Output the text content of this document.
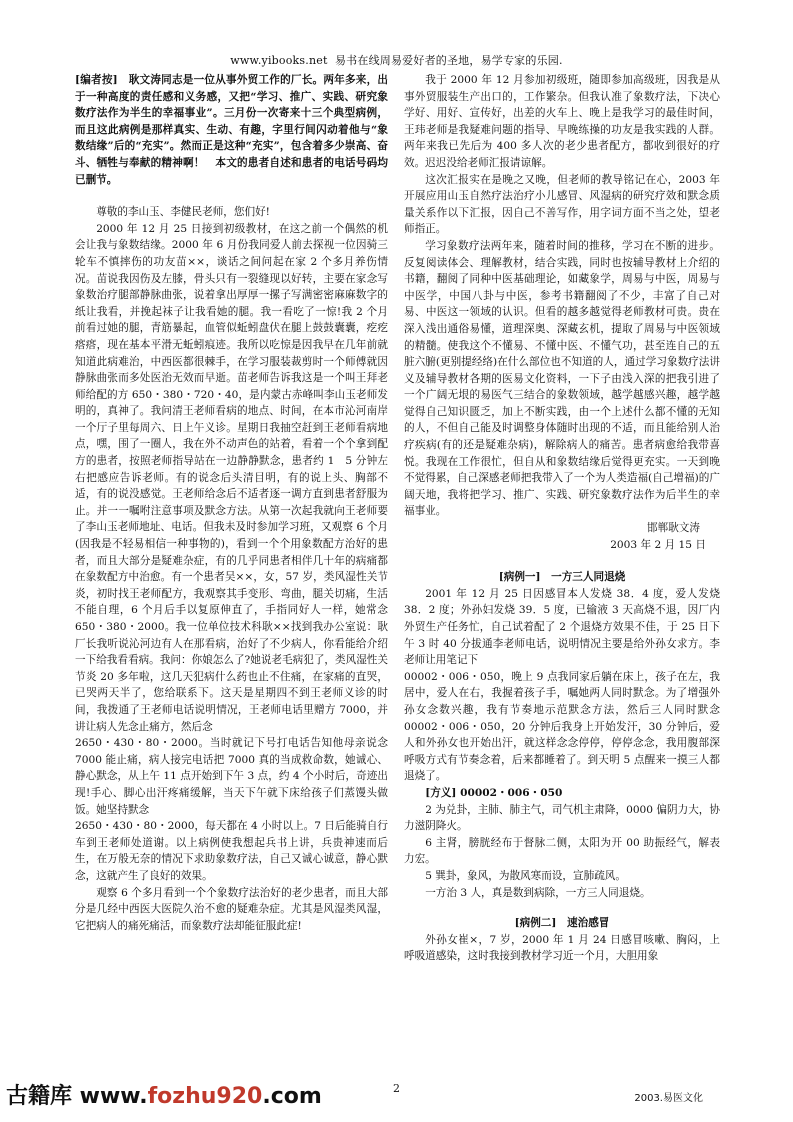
www.yibooks.net 易书在线周易爱好者的圣地，易学专家的乐园.

[编者按]　耿文涛同志是一位从事外贸工作的厂长。两年多来，出于一种高度的责任感和义务感，又把“学习、推广、实践、研究象数疗法作为半生的幸福事业”。三月份一次寄来十三个典型病例，而且这此病例是那样真实、生动、有趣，字里行间闪动着他与“象数结缘”后的“充实”。然而正是这种“充实”，包含着多少崇高、奋斗、牺牲与奉献的精神啊！　本文的患者自述和患者的电话号码均已删节。

尊敬的李山玉、李健民老师，您们好!

2000 年 12 月 25 日接到初级教材，在这之前一个偶然的机会让我与象数结缘。2000 年 6 月份我同爱人前去探视一位因骑三轮车不慎摔伤的功友苗××，谈话之间问起在家 2 个多月养伤情况。苗说我因伤及左膝，骨头只有一裂缝现以好转，主要在家念写象数治疗腿部静脉曲张，说着拿出厚厚一摞子写满密密麻麻数字的纸让我看，并挽起袜子让我看她的腿。我一看吃了一惊!我 2 个月前看过她的腿，青筋暴起，血管似蚯蚓盘伏在腿上鼓鼓囊囊，疙疙瘩瘩，现在基本平滑无蚯蚓痕迹。我所以吃惊是因我早在几年前就知道此病难治，中西医都很棘手，在学习服装裁剪时一个师傅就因静脉曲张而多处医治无效而早逝。苗老师告诉我这是一个叫王拜老师给配的方 650・380・720・40，是内蒙古赤峰叫李山玉老师发明的，真神了。我问清王老师看病的地点、时间，在本市沁河南岸一个厅子里每周六、日上午义诊。星期日我抽空赶到王老师看病地点，嘿，围了一圈人，我在外不动声色的站着，看着一个个拿到配方的患者，按照老师指导站在一边静静默念，患者约 1　5 分钟左右把感应告诉老师。有的说念后头清目明，有的说上头、胸部不适，有的说没感觉。王老师给念后不适者逐一调方直到患者舒服为止。并一一嘱咐注意事项及默念方法。从第一次起我就向王老师要了李山玉老师地址、电话。但我未及时参加学习班，又观察 6 个月(因我是不轻易相信一种事物的)，看到一个个用象数配方治好的患者，而且大部分是疑难杂症，有的几乎同患者相伴几十年的病痛都在象数配方中治愈。有一个患者吴××，女，57 岁，类风湿性关节炎，初时找王老师配方，我观察其手变形、弯曲，腿关切痛，生活不能自理，6 个月后手以复原伸直了，手指同好人一样，她常念 650・380・2000。我一位单位技术科耿××找到我办公室说：耿厂长我听说沁河边有人在那看病，治好了不少病人，你看能给介绍一下给我看看病。我问：你娘怎么了?她说老毛病犯了，类风湿性关节炎 20 多年啦，这几天犯病什么药也止不住痛，在家痛的直哭，已哭两天半了，您给联系下。这天是星期四不到王老师义诊的时间，我拨通了王老师电话说明情况，王老师电话里赠方 7000，并讲让病人先念止痛方，然后念

2650・430・80・2000。当时就记下号打电话告知他母亲说念 7000 能止痛，病人接完电话把 7000 真的当成救命数，她诚心、静心默念，从上午 11 点开始到下午 3 点，约 4 个小时后，奇迹出现!手心、脚心出汗疼痛缓解，当天下午就下床给孩子们蒸馒头做饭。她坚持默念

2650・430・80・2000，每天都在 4 小时以上。7 日后能骑自行车到王老师处道谢。以上病例使我想起兵书上讲，兵贵神速而后生，在万般无奈的情况下求助象数疗法，自己又诚心诚意，静心默念，这就产生了良好的效果。

观察 6 个多月看到一个个象数疗法治好的老少患者，而且大部分是几经中西医大医院久治不愈的疑难杂症。尤其是风湿类风湿，它把病人的痛死痛活，而象数疗法却能征服此症!

我于 2000 年 12 月参加初级班，随即参加高级班，因我是从事外贸服装生产出口的，工作繁杂。但我认准了象数疗法，下决心学好、用好、宣传好，出差的火车上、晚上是我学习的最佳时间，王玮老师是我疑难问题的指导、早晚练操的功友是我实践的人群。两年来我已先后为 400 多人次的老少患者配方，都收到很好的疗效。迟迟没给老师汇报请谅解。

这次汇报实在是晚之又晚，但老师的教导铭记在心，2003 年开展应用山玉自然疗法治疗小儿感冒、风湿病的研究疗效和默念质量关系作以下汇报，因自己不善写作，用字词方面不当之处，望老师指正。

学习象数疗法两年来，随着时间的推移，学习在不断的进步。反复阅读体会、理解教材，结合实践，同时也按辅导教材上介绍的书籍，翻阅了同种中医基础理论，如藏象学，周易与中医，周易与中医学，中国八卦与中医，参考书籍翻阅了不少，丰富了自己对易、中医这一领域的认识。但看的越多越觉得老师教材可贵。贵在深入浅出通俗易懂，道理深奥、深藏玄机，提取了周易与中医领域的精髓。使我这个不懂易、不懂中医、不懂气功，甚至连自己的五脏六腑(更别提经络)在什么部位也不知道的人，通过学习象数疗法讲义及辅导教材各期的医易文化资料，一下子由浅入深的把我引进了一个广阔无垠的易医气三结合的象数领域，越学越感兴趣，越学越觉得自己知识匮乏，加上不断实践，由一个上述什么都不懂的无知的人，不但自己能及时调整身体随时出现的不适，而且能给别人治疗疾病(有的还是疑难杂病)，解除病人的痛苦。患者病愈给我带喜悦。我现在工作很忙，但自从和象数结缘后觉得更充实。一天到晚不觉得累，自己深感老师把我带入了一个为人类造福(自己增福)的广阔天地，我将把学习、推广、实践、研究象数疗法作为后半生的幸福事业。

邯郸耿文涛

2003 年 2 月 15 日

[病例一]　一方三人同退烧

2001 年 12 月 25 日因感冒本人发烧 38．4 度，爱人发烧 38．2 度；外孙妇发烧 39．5 度，已输液 3 天高烧不退，因厂内外贸生产任务忙，自己试着配了 2 个退烧方效果不佳，于 25 日下午 3 时 40 分拔通李老师电话，说明情况主要是给外孙女求方。李老师让用笔记下

00002・006・050，晚上 9 点我同家后躺在床上，孩子在左，我居中，爱人在右，我握着孩子手，嘱她两人同时默念。为了增强外孙女念数兴趣，我有节奏地示范默念方法，然后三人同时默念 00002・006・050，20 分钟后我身上开始发汗，30 分钟后，爱人和外孙女也开始出汗，就这样念念停停，停停念念，我用腹部深呼吸方式有节奏念着，后来都睡着了。到天明 5 点醒来一摸三人都退烧了。

[方义] 00002・006・050

2 为兑卦，主肺、肺主气，司气机主肃降，0000 偏阴力大，协力滋阴降火。

6 主肾，膀胱经布于督脉二侧，太阳为开 00 助振经气，解表力宏。

5 巽卦，象风，为散风寒而设，宣肺疏风。

一方治 3 人，真是数到病除，一方三人同退烧。

[病例二]　速治感冒

外孙女崔×，7 岁，2000 年 1 月 24 日感冒咳嗽、胸闷，上呼吸道感染，这时我接到教材学习近一个月，大胆用象

2
古籍库 www.fozhu920.com	2003.易医文化
